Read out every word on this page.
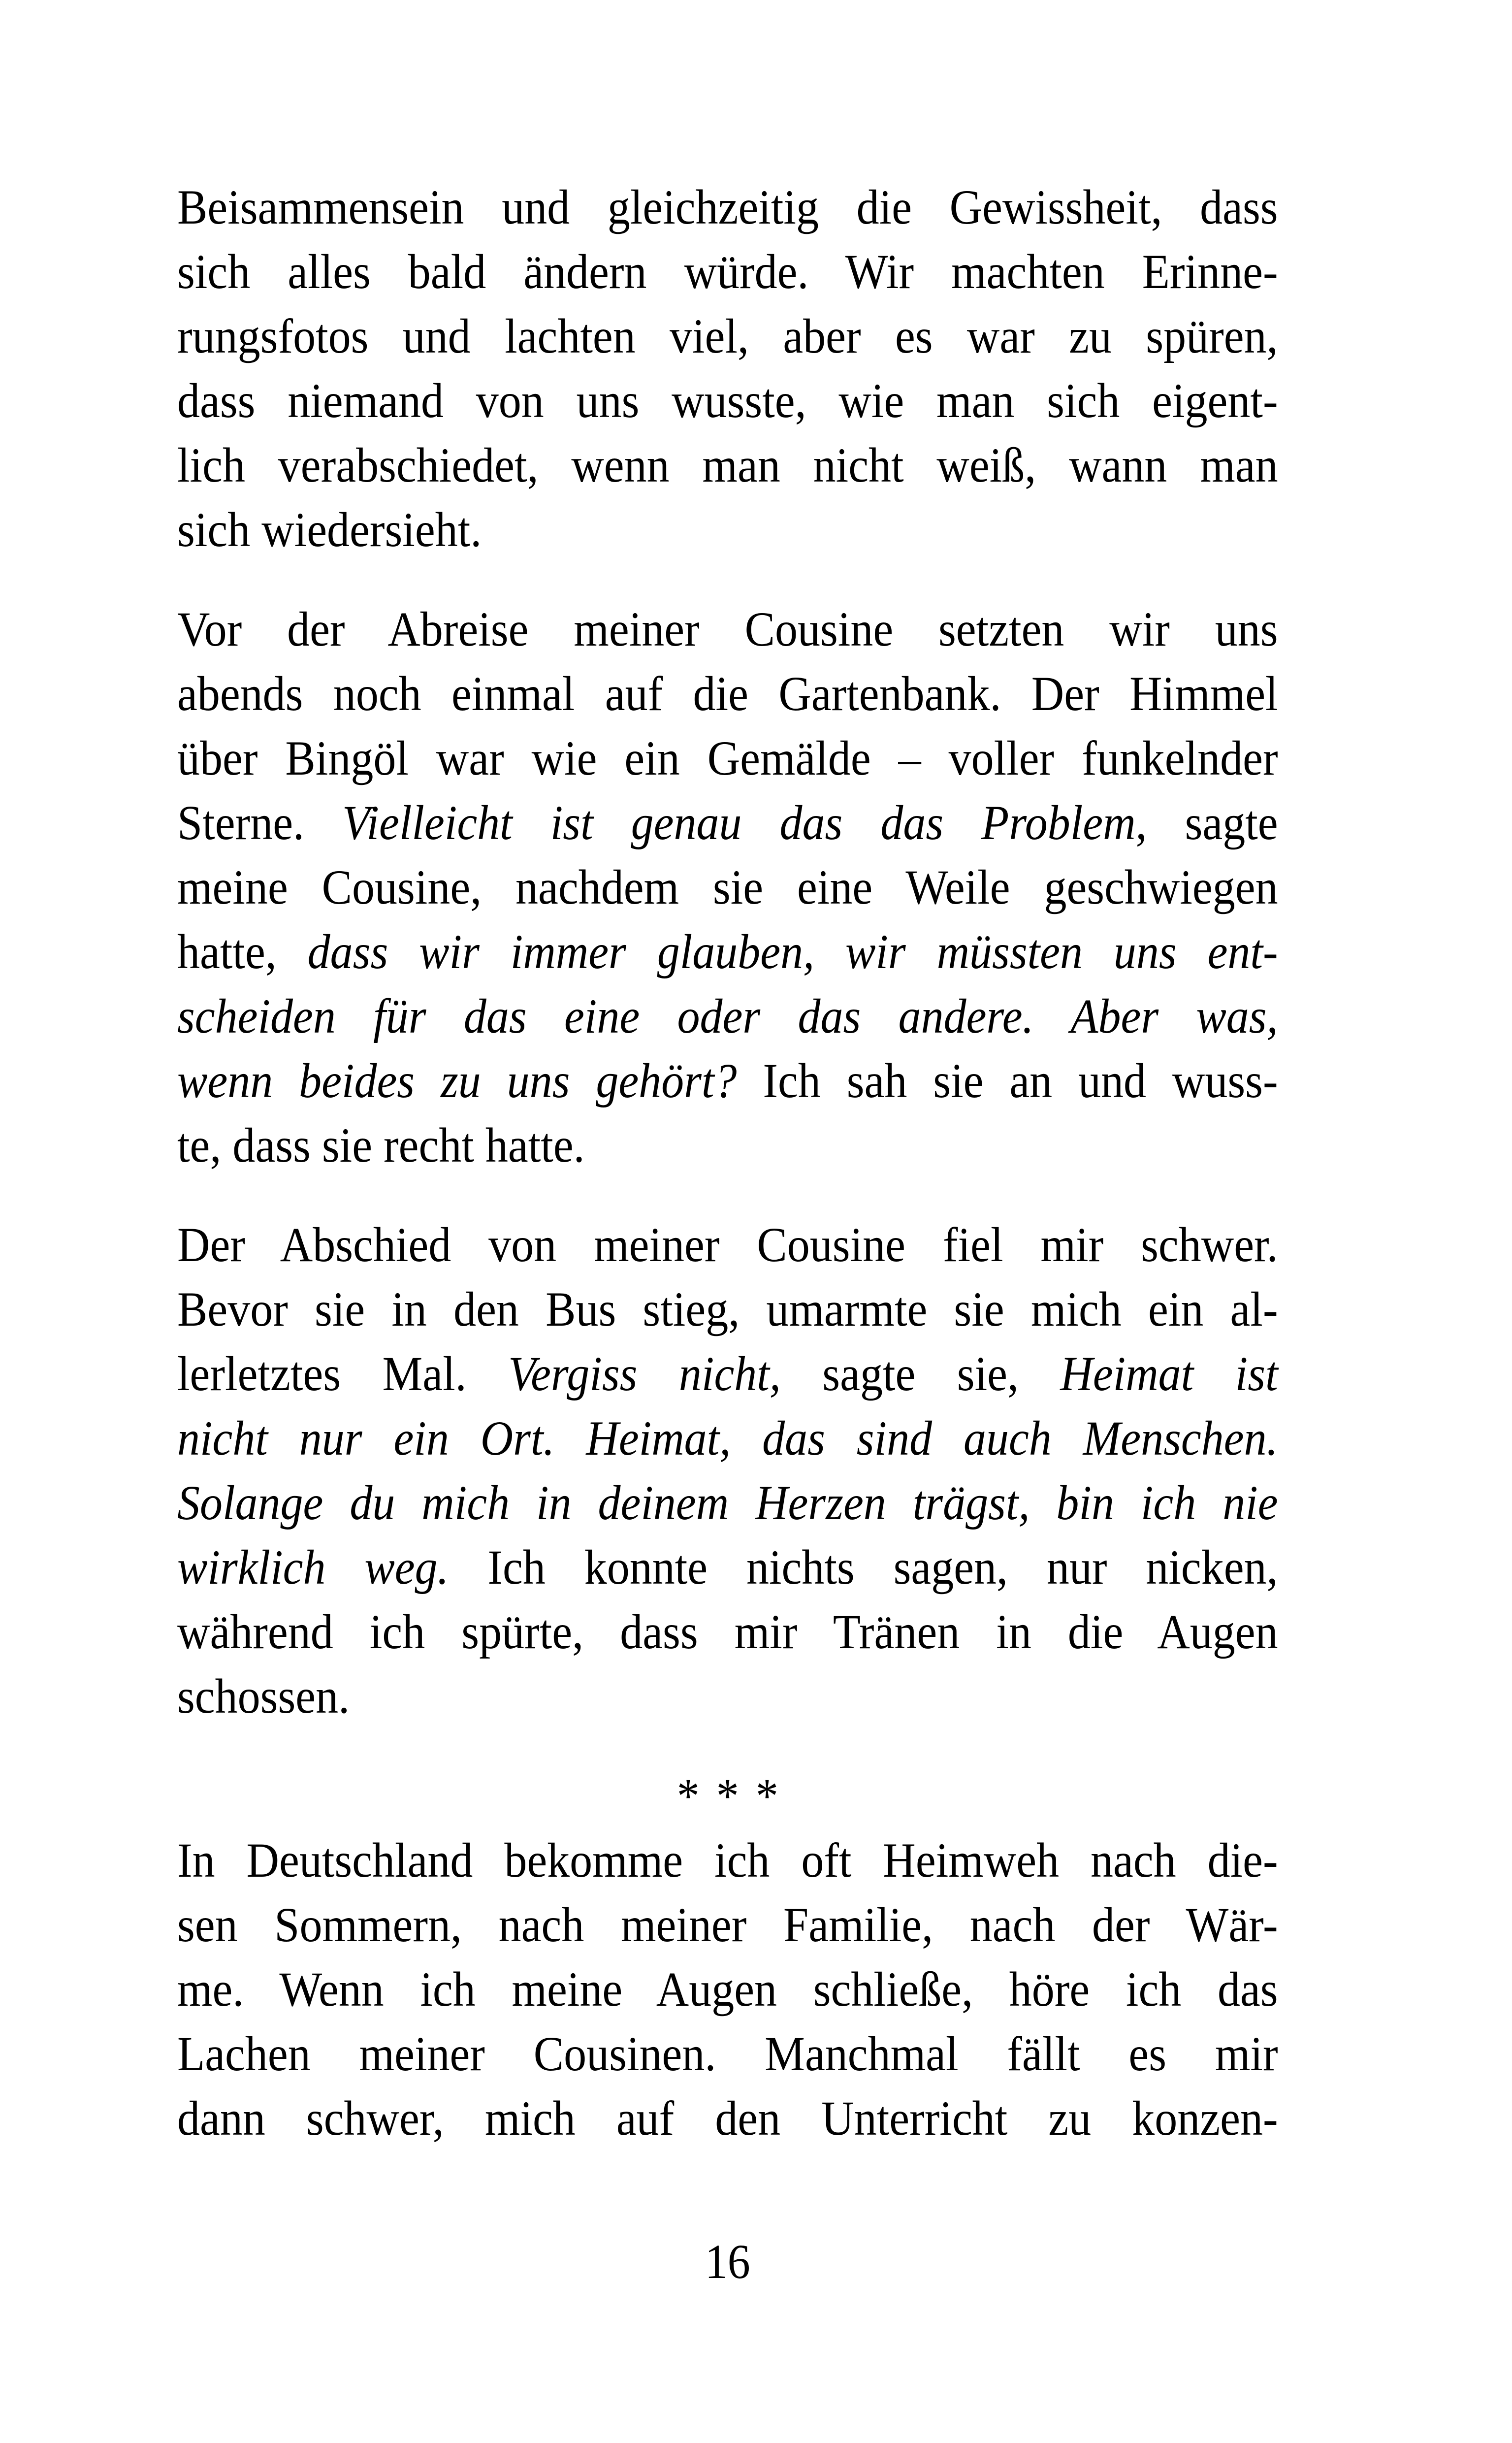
Beisammensein und gleichzeitig die Gewissheit, dass
sich alles bald ändern würde. Wir machten Erinne-
rungsfotos und lachten viel, aber es war zu spüren,
dass niemand von uns wusste, wie man sich eigent-
lich verabschiedet, wenn man nicht weiß, wann man
sich wiedersieht.
Vor der Abreise meiner Cousine setzten wir uns
abends noch einmal auf die Gartenbank. Der Himmel
über Bingöl war wie ein Gemälde – voller funkelnder
Sterne. Vielleicht ist genau das das Problem, sagte
meine Cousine, nachdem sie eine Weile geschwiegen
hatte, dass wir immer glauben, wir müssten uns ent-
scheiden für das eine oder das andere. Aber was,
wenn beides zu uns gehört? Ich sah sie an und wuss-
te, dass sie recht hatte.
Der Abschied von meiner Cousine fiel mir schwer.
Bevor sie in den Bus stieg, umarmte sie mich ein al-
lerletztes Mal. Vergiss nicht, sagte sie, Heimat ist
nicht nur ein Ort. Heimat, das sind auch Menschen.
Solange du mich in deinem Herzen trägst, bin ich nie
wirklich weg. Ich konnte nichts sagen, nur nicken,
während ich spürte, dass mir Tränen in die Augen
schossen.
* * *
In Deutschland bekomme ich oft Heimweh nach die-
sen Sommern, nach meiner Familie, nach der Wär-
me. Wenn ich meine Augen schließe, höre ich das
Lachen meiner Cousinen. Manchmal fällt es mir
dann schwer, mich auf den Unterricht zu konzen-
16
